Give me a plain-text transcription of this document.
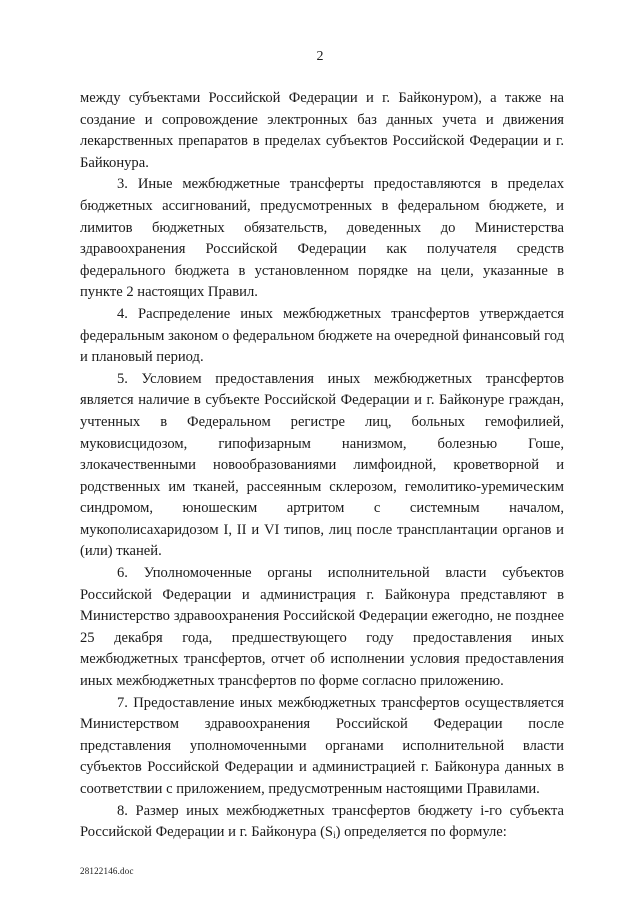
2

между субъектами Российской Федерации и г. Байконуром), а также на создание и сопровождение электронных баз данных учета и движения лекарственных препаратов в пределах субъектов Российской Федерации и г. Байконура.

3. Иные межбюджетные трансферты предоставляются в пределах бюджетных ассигнований, предусмотренных в федеральном бюджете, и лимитов бюджетных обязательств, доведенных до Министерства здравоохранения Российской Федерации как получателя средств федерального бюджета в установленном порядке на цели, указанные в пункте 2 настоящих Правил.

4. Распределение иных межбюджетных трансфертов утверждается федеральным законом о федеральном бюджете на очередной финансовый год и плановый период.

5. Условием предоставления иных межбюджетных трансфертов является наличие в субъекте Российской Федерации и г. Байконуре граждан, учтенных в Федеральном регистре лиц, больных гемофилией, муковисцидозом, гипофизарным нанизмом, болезнью Гоше, злокачественными новообразованиями лимфоидной, кроветворной и родственных им тканей, рассеянным склерозом, гемолитико-уремическим синдромом, юношеским артритом с системным началом, мукополисахаридозом I, II и VI типов, лиц после трансплантации органов и (или) тканей.

6. Уполномоченные органы исполнительной власти субъектов Российской Федерации и администрация г. Байконура представляют в Министерство здравоохранения Российской Федерации ежегодно, не позднее 25 декабря года, предшествующего году предоставления иных межбюджетных трансфертов, отчет об исполнении условия предоставления иных межбюджетных трансфертов по форме согласно приложению.

7. Предоставление иных межбюджетных трансфертов осуществляется Министерством здравоохранения Российской Федерации после представления уполномоченными органами исполнительной власти субъектов Российской Федерации и администрацией г. Байконура данных в соответствии с приложением, предусмотренным настоящими Правилами.

8. Размер иных межбюджетных трансфертов бюджету i-го субъекта Российской Федерации и г. Байконура $(S_i)$ определяется по формуле:

28122146.doc
